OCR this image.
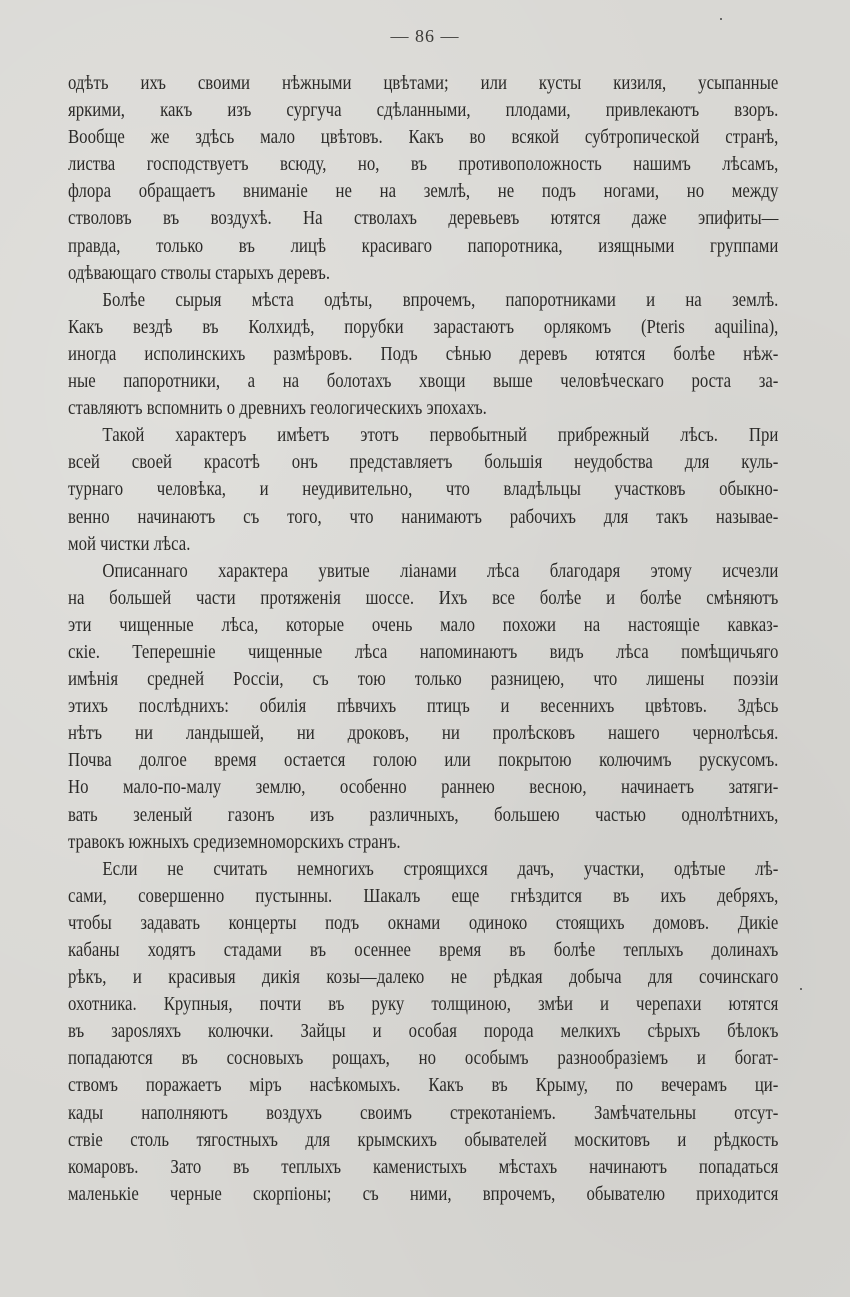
— 86 —
одѣть ихъ своими нѣжными цвѣтами; или кусты кизиля, усыпанные
яркими, какъ изъ сургуча сдѣланными, плодами, привлекаютъ взоръ.
Вообще же здѣсь мало цвѣтовъ. Какъ во всякой субтропической странѣ,
листва господствуетъ всюду, но, въ противоположность нашимъ лѣсамъ,
флора обращаетъ вниманіе не на землѣ, не подъ ногами, но между
стволовъ въ воздухѣ. На стволахъ деревьевъ ютятся даже эпифиты—
правда, только въ лицѣ красиваго папоротника, изящными группами
одѣвающаго стволы старыхъ деревъ.
Болѣе сырыя мѣста одѣты, впрочемъ, папоротниками и на землѣ.
Какъ вездѣ въ Колхидѣ, порубки зарастаютъ орлякомъ (Pteris aquilina),
иногда исполинскихъ размѣровъ. Подъ сѣнью деревъ ютятся болѣе нѣж-
ные папоротники, а на болотахъ хвощи выше человѣческаго роста за-
ставляютъ вспомнить о древнихъ геологическихъ эпохахъ.
Такой характеръ имѣетъ этотъ первобытный прибрежный лѣсъ. При
всей своей красотѣ онъ представляетъ большія неудобства для куль-
турнаго человѣка, и неудивительно, что владѣльцы участковъ обыкно-
венно начинаютъ съ того, что нанимаютъ рабочихъ для такъ называе-
мой чистки лѣса.
Описаннаго характера увитые ліанами лѣса благодаря этому исчезли
на большей части протяженія шоссе. Ихъ все болѣе и болѣе смѣняютъ
эти чищенные лѣса, которые очень мало похожи на настоящіе кавказ-
скіе. Теперешніе чищенные лѣса напоминаютъ видъ лѣса помѣщичьяго
имѣнія средней Россіи, съ тою только разницею, что лишены поэзіи
этихъ послѣднихъ: обилія пѣвчихъ птицъ и весеннихъ цвѣтовъ. Здѣсь
нѣтъ ни ландышей, ни дроковъ, ни пролѣсковъ нашего чернолѣсья.
Почва долгое время остается голою или покрытою колючимъ рускусомъ.
Но мало-по-малу землю, особенно раннею весною, начинаетъ затяги-
вать зеленый газонъ изъ различныхъ, большею частью однолѣтнихъ,
травокъ южныхъ средиземноморскихъ странъ.
Если не считать немногихъ строящихся дачъ, участки, одѣтые лѣ-
сами, совершенно пустынны. Шакалъ еще гнѣздится въ ихъ дебряхъ,
чтобы задавать концерты подъ окнами одиноко стоящихъ домовъ. Дикіе
кабаны ходятъ стадами въ осеннее время въ болѣе теплыхъ долинахъ
рѣкъ, и красивыя дикія козы—далеко не рѣдкая добыча для сочинскаго
охотника. Крупныя, почти въ руку толщиною, змѣи и черепахи ютятся
въ зарosляхъ колючки. Зайцы и особая порода мелкихъ сѣрыхъ бѣлокъ
попадаются въ сосновыхъ рощахъ, но особымъ разнообразіемъ и богат-
ствомъ поражаетъ міръ насѣкомыхъ. Какъ въ Крыму, по вечерамъ ци-
кады наполняютъ воздухъ своимъ стрекотаніемъ. Замѣчательны отсут-
ствіе столь тягостныхъ для крымскихъ обывателей москитовъ и рѣдкость
комаровъ. Зато въ теплыхъ каменистыхъ мѣстахъ начинаютъ попадаться
маленькіе черные скорпіоны; съ ними, впрочемъ, обывателю приходится
